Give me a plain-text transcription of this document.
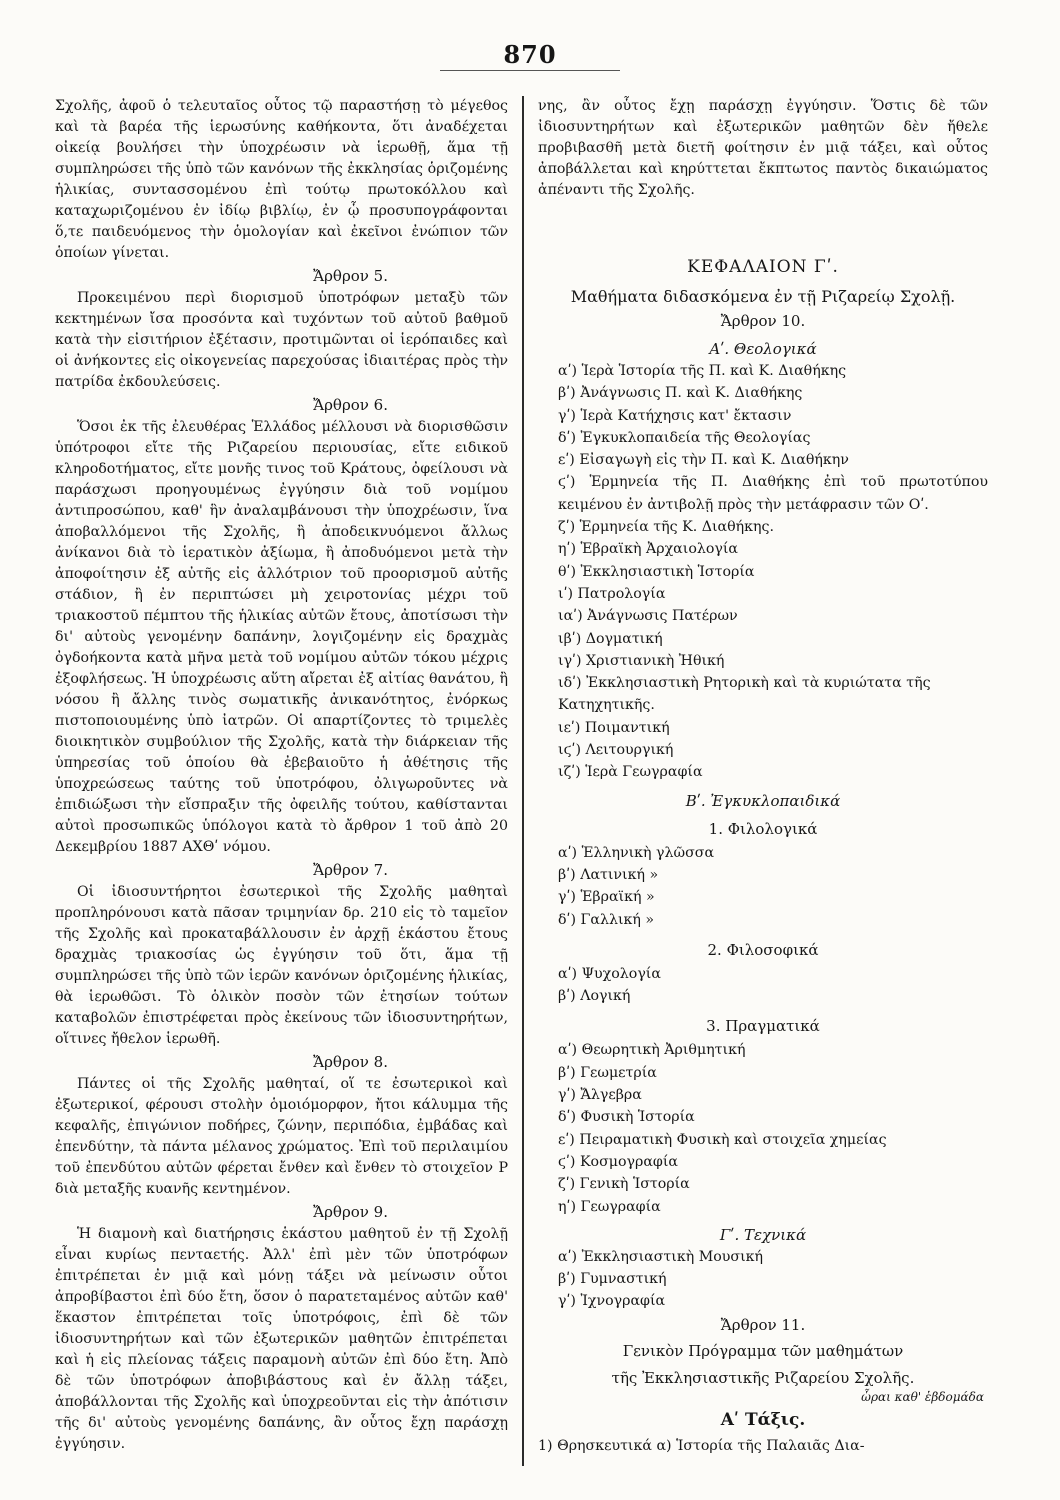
870

Σχολῆς, ἀφοῦ ὁ τελευταῖος οὗτος τῷ παραστήσῃ τὸ μέγεθος καὶ τὰ βαρέα τῆς ἱερωσύνης καθήκοντα, ὅτι ἀναδέχεται οἰκείᾳ βουλήσει τὴν ὑποχρέωσιν νὰ ἱερωθῇ, ἅμα τῇ συμπληρώσει τῆς ὑπὸ τῶν κανόνων τῆς ἐκκλησίας ὁριζομένης ἡλικίας, συντασσομένου ἐπὶ τούτῳ πρωτοκόλλου καὶ καταχωριζομένου ἐν ἰδίῳ βιβλίῳ, ἐν ᾧ προσυπογράφονται ὅ,τε παιδευόμενος τὴν ὁμολογίαν καὶ ἐκεῖνοι ἐνώπιον τῶν ὁποίων γίνεται.

Ἄρθρον 5.

Προκειμένου περὶ διορισμοῦ ὑποτρόφων μεταξὺ τῶν κεκτημένων ἴσα προσόντα καὶ τυχόντων τοῦ αὐτοῦ βαθμοῦ κατὰ τὴν εἰσιτήριον ἐξέτασιν, προτιμῶνται οἱ ἱερόπαιδες καὶ οἱ ἀνήκοντες εἰς οἰκογενείας παρεχούσας ἰδιαιτέρας πρὸς τὴν πατρίδα ἐκδουλεύσεις.

Ἄρθρον 6.

Ὅσοι ἐκ τῆς ἐλευθέρας Ἑλλάδος μέλλουσι νὰ διορισθῶσιν ὑπότροφοι εἴτε τῆς Ριζαρείου περιουσίας, εἴτε ειδικοῦ κληροδοτήματος, εἴτε μονῆς τινος τοῦ Κράτους, ὀφείλουσι νὰ παράσχωσι προηγουμένως ἐγγύησιν διὰ τοῦ νομίμου ἀντιπροσώπου, καθ' ἣν ἀναλαμβάνουσι τὴν ὑποχρέωσιν, ἵνα ἀποβαλλόμενοι τῆς Σχολῆς, ἢ ἀποδεικνυόμενοι ἄλλως ἀνίκανοι διὰ τὸ ἱερατικὸν ἀξίωμα, ἢ ἀποδυόμενοι μετὰ τὴν ἀποφοίτησιν ἐξ αὐτῆς εἰς ἀλλότριον τοῦ προορισμοῦ αὐτῆς στάδιον, ἢ ἐν περιπτώσει μὴ χειροτονίας μέχρι τοῦ τριακοστοῦ πέμπτου τῆς ἡλικίας αὐτῶν ἔτους, ἀποτίσωσι τὴν δι' αὐτοὺς γενομένην δαπάνην, λογιζομένην εἰς δραχμὰς ὀγδοήκοντα κατὰ μῆνα μετὰ τοῦ νομίμου αὐτῶν τόκου μέχρις ἐξοφλήσεως. Ἡ ὑποχρέωσις αὕτη αἴρεται ἐξ αἰτίας θανάτου, ἢ νόσου ἢ ἄλλης τινὸς σωματικῆς ἀνικανότητος, ἐνόρκως πιστοποιουμένης ὑπὸ ἰατρῶν. Οἱ απαρτίζοντες τὸ τριμελὲς διοικητικὸν συμβούλιον τῆς Σχολῆς, κατὰ τὴν διάρκειαν τῆς ὑπηρεσίας τοῦ ὁποίου θὰ ἐβεβαιοῦτο ἡ ἀθέτησις τῆς ὑποχρεώσεως ταύτης τοῦ ὑποτρόφου, ὀλιγωροῦντες νὰ ἐπιδιώξωσι τὴν εἴσπραξιν τῆς ὀφειλῆς τούτου, καθίστανται αὐτοὶ προσωπικῶς ὑπόλογοι κατὰ τὸ ἄρθρον 1 τοῦ ἀπὸ 20 Δεκεμβρίου 1887 ΑΧΘʹ νόμου.

Ἄρθρον 7.

Οἱ ἰδιοσυντήρητοι ἐσωτερικοὶ τῆς Σχολῆς μαθηταὶ προπληρόνουσι κατὰ πᾶσαν τριμηνίαν δρ. 210 εἰς τὸ ταμεῖον τῆς Σχολῆς καὶ προκαταβάλλουσιν ἐν ἀρχῇ ἑκάστου ἔτους δραχμὰς τριακοσίας ὡς ἐγγύησιν τοῦ ὅτι, ἅμα τῇ συμπληρώσει τῆς ὑπὸ τῶν ἱερῶν κανόνων ὁριζομένης ἡλικίας, θὰ ἱερωθῶσι. Τὸ ὁλικὸν ποσὸν τῶν ἐτησίων τούτων καταβολῶν ἐπιστρέφεται πρὸς ἐκείνους τῶν ἰδιοσυντηρήτων, οἵτινες ἤθελον ἱερωθῆ.

Ἄρθρον 8.

Πάντες οἱ τῆς Σχολῆς μαθηταί, οἵ τε ἐσωτερικοὶ καὶ ἐξωτερικοί, φέρουσι στολὴν ὁμοιόμορφον, ἤτοι κάλυμμα τῆς κεφαλῆς, ἐπιγώνιον ποδήρες, ζώνην, περιπόδια, ἐμβάδας καὶ ἐπενδύτην, τὰ πάντα μέλανος χρώματος. Ἐπὶ τοῦ περιλαιμίου τοῦ ἐπενδύτου αὐτῶν φέρεται ἔνθεν καὶ ἔνθεν τὸ στοιχεῖον Ρ διὰ μεταξῆς κυανῆς κεντημένον.

Ἄρθρον 9.

Ἡ διαμονὴ καὶ διατήρησις ἑκάστου μαθητοῦ ἐν τῇ Σχολῇ εἶναι κυρίως πενταετής. Ἀλλ' ἐπὶ μὲν τῶν ὑποτρόφων ἐπιτρέπεται ἐν μιᾷ καὶ μόνῃ τάξει νὰ μείνωσιν οὗτοι ἀπροβίβαστοι ἐπὶ δύο ἔτη, ὅσον ὁ παρατεταμένος αὐτῶν καθ' ἕκαστον ἐπιτρέπεται τοῖς ὑποτρόφοις, ἐπὶ δὲ τῶν ἰδιοσυντηρήτων καὶ τῶν ἐξωτερικῶν μαθητῶν ἐπιτρέπεται καὶ ἡ εἰς πλείονας τάξεις παραμονὴ αὐτῶν ἐπὶ δύο ἔτη. Ἀπὸ δὲ τῶν ὑποτρόφων ἀποβιβάστους καὶ ἐν ἄλλῃ τάξει, ἀποβάλλονται τῆς Σχολῆς καὶ ὑποχρεοῦνται εἰς τὴν ἀπότισιν τῆς δι' αὐτοὺς γενομένης δαπάνης, ἂν οὗτος ἔχῃ παράσχῃ ἐγγύησιν.

νης, ἂν οὗτος ἔχῃ παράσχῃ ἐγγύησιν. Ὅστις δὲ τῶν ἰδιοσυντηρήτων καὶ ἐξωτερικῶν μαθητῶν δὲν ἤθελε προβιβασθῆ μετὰ διετῆ φοίτησιν ἐν μιᾷ τάξει, καὶ οὗτος ἀποβάλλεται καὶ κηρύττεται ἔκπτωτος παντὸς δικαιώματος ἀπέναντι τῆς Σχολῆς.

ΚΕΦΑΛΑΙΟΝ Γʹ.
Μαθήματα διδασκόμενα ἐν τῇ Ριζαρείῳ Σχολῇ.
Ἄρθρον 10.
Αʹ. Θεολογικά
αʹ) Ἱερὰ Ἱστορία τῆς Π. καὶ Κ. Διαθήκης
βʹ) Ἀνάγνωσις Π. καὶ Κ. Διαθήκης
γʹ) Ἱερὰ Κατήχησις κατ' ἔκτασιν
δʹ) Ἐγκυκλοπαιδεία τῆς Θεολογίας
εʹ) Εἰσαγωγὴ εἰς τὴν Π. καὶ Κ. Διαθήκην
ϛʹ) Ἑρμηνεία τῆς Π. Διαθήκης ἐπὶ τοῦ πρωτοτύπου κειμένου ἐν ἀντιβολῇ πρὸς τὴν μετάφρασιν τῶν Οʹ.
ζʹ) Ἑρμηνεία τῆς Κ. Διαθήκης.
ηʹ) Ἑβραϊκὴ Ἀρχαιολογία
θʹ) Ἐκκλησιαστικὴ Ἱστορία
ιʹ) Πατρολογία
ιαʹ) Ἀνάγνωσις Πατέρων
ιβʹ) Δογματική
ιγʹ) Χριστιανικὴ Ἠθική
ιδʹ) Ἐκκλησιαστικὴ Ρητορικὴ καὶ τὰ κυριώτατα τῆς Κατηχητικῆς.
ιεʹ) Ποιμαντική
ιϛʹ) Λειτουργική
ιζʹ) Ἱερὰ Γεωγραφία
Βʹ. Ἐγκυκλοπαιδικά
1. Φιλολογικά
αʹ) Ἑλληνικὴ γλῶσσα
βʹ) Λατινική »
γʹ) Ἑβραϊκή »
δʹ) Γαλλική »
2. Φιλοσοφικά
αʹ) Ψυχολογία
βʹ) Λογική
3. Πραγματικά
αʹ) Θεωρητικὴ Ἀριθμητική
βʹ) Γεωμετρία
γʹ) Ἄλγεβρα
δʹ) Φυσικὴ Ἱστορία
εʹ) Πειραματικὴ Φυσικὴ καὶ στοιχεῖα χημείας
ϛʹ) Κοσμογραφία
ζʹ) Γενικὴ Ἱστορία
ηʹ) Γεωγραφία
Γʹ. Τεχνικά
αʹ) Ἐκκλησιαστικὴ Μουσική
βʹ) Γυμναστική
γʹ) Ἰχνογραφία
Ἄρθρον 11.
Γενικὸν Πρόγραμμα τῶν μαθημάτων
τῆς Ἐκκλησιαστικῆς Ριζαρείου Σχολῆς.
ὧραι καθ' ἑβδομάδα
Αʹ Τάξις.
1) Θρησκευτικά α) Ἱστορία τῆς Παλαιᾶς Δια-
